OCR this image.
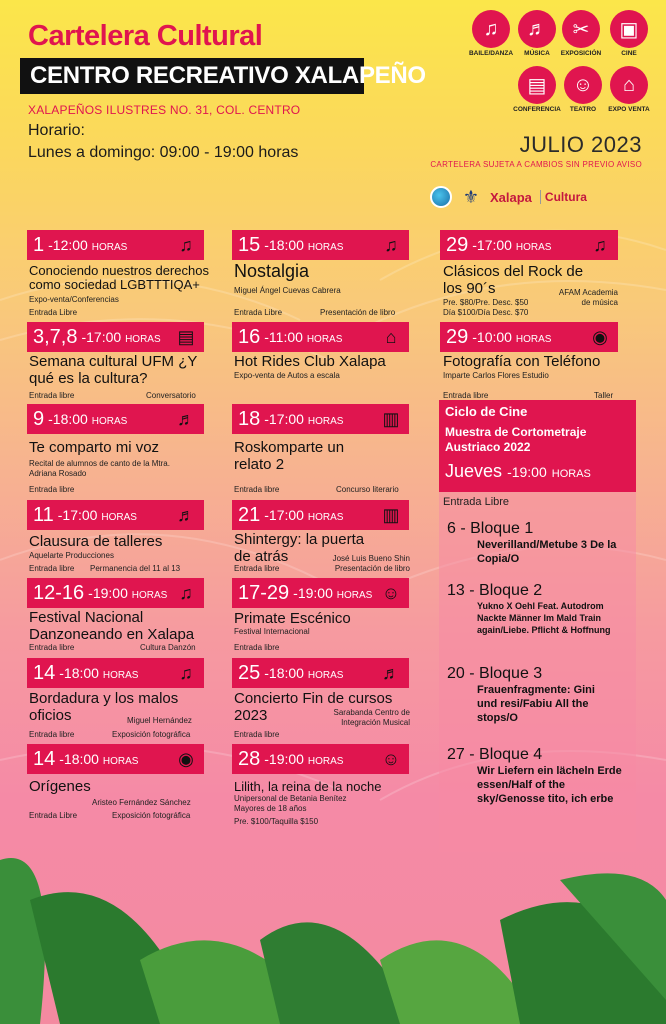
Cartelera Cultural
CENTRO RECREATIVO XALAPEÑO
XALAPEÑOS ILUSTRES NO. 31, COL. CENTRO
Horario:
Lunes a domingo: 09:00 - 19:00 horas
♫
BAILE/DANZA
♬
MÚSICA
✂
EXPOSICIÓN
▣
CINE
▤
CONFERENCIA
☺
TEATRO
⌂
EXPO VENTA
JULIO 2023
CARTELERA SUJETA A CAMBIOS SIN PREVIO AVISO
⚜ Xalapa	Cultura
1 -12:00 HORAS	♫
Conociendo nuestros derechos como sociedad LGBTTTIQA+
Expo-venta/Conferencias
Entrada Libre
3,7,8 -17:00 HORAS ▤
Semana cultural UFM ¿Y qué es la cultura?
Entrada libre	Conversatorio
9 -18:00 HORAS	♬
Te comparto mi voz
Recital de alumnos de canto de la Mtra. Adriana Rosado
Entrada libre
11 -17:00 HORAS ♬
Clausura de talleres
Aquelarte Producciones
Entrada libre Permanencia del 11 al 13
12-16 -19:00 HORAS ♫
Festival Nacional Danzoneando en Xalapa
Entrada libre	Cultura Danzón
14 -18:00 HORAS	♫
Bordadura y los malos oficios	Miguel Hernández
Entrada libre	Exposición fotográfica
14 -18:00 HORAS ◉
Orígenes
Aristeo Fernández Sánchez
Entrada Libre	Exposición fotográfica
15 -18:00 HORAS	♫
Nostalgia
Miguel Ángel Cuevas Cabrera
Entrada Libre	Presentación de libro
16 -11:00 HORAS	⌂
Hot Rides Club Xalapa
Expo-venta de Autos a escala
18 -17:00 HORAS ▥
Roskomparte un relato 2
Entrada libre	Concurso literario
21 -17:00 HORAS ▥
Shintergy: la puerta de atrás	José Luis Bueno Shin Presentación de libro
Entrada libre
17-29 -19:00 HORAS ☺
Primate Escénico
Festival Internacional
Entrada libre
25 -18:00 HORAS ♬
Concierto Fin de cursos 2023	Sarabanda Centro de Integración Musical
Entrada libre
28 -19:00 HORAS ☺
Lilith, la reina de la noche
Unipersonal de Betania Benítez Mayores de 18 años
Pre. $100/Taquilla $150
29 -17:00 HORAS	♫
Clásicos del Rock de los 90´s
Pre. $80/Pre. Desc. $50 Día $100/Día Desc. $70
AFAM Academia de música
29 -10:00 HORAS ◉
Fotografía con Teléfono
Imparte Carlos Flores Estudio
Entrada libre	Taller
Ciclo de Cine
Muestra de Cortometraje Austriaco 2022
Jueves -19:00 HORAS
Entrada Libre
6 - Bloque 1
Neverilland/Metube 3 De la Copia/O
13 - Bloque 2
Yukno X Oehl Feat. Autodrom Nackte Männer Im Mald Train again/Liebe. Pflicht & Hoffnung
20 - Bloque 3
Frauenfragmente: Gini und resi/Fabiu All the stops/O
27 - Bloque 4
Wir Liefern ein lächeln Erde essen/Half of the sky/Genosse tito, ich erbe
